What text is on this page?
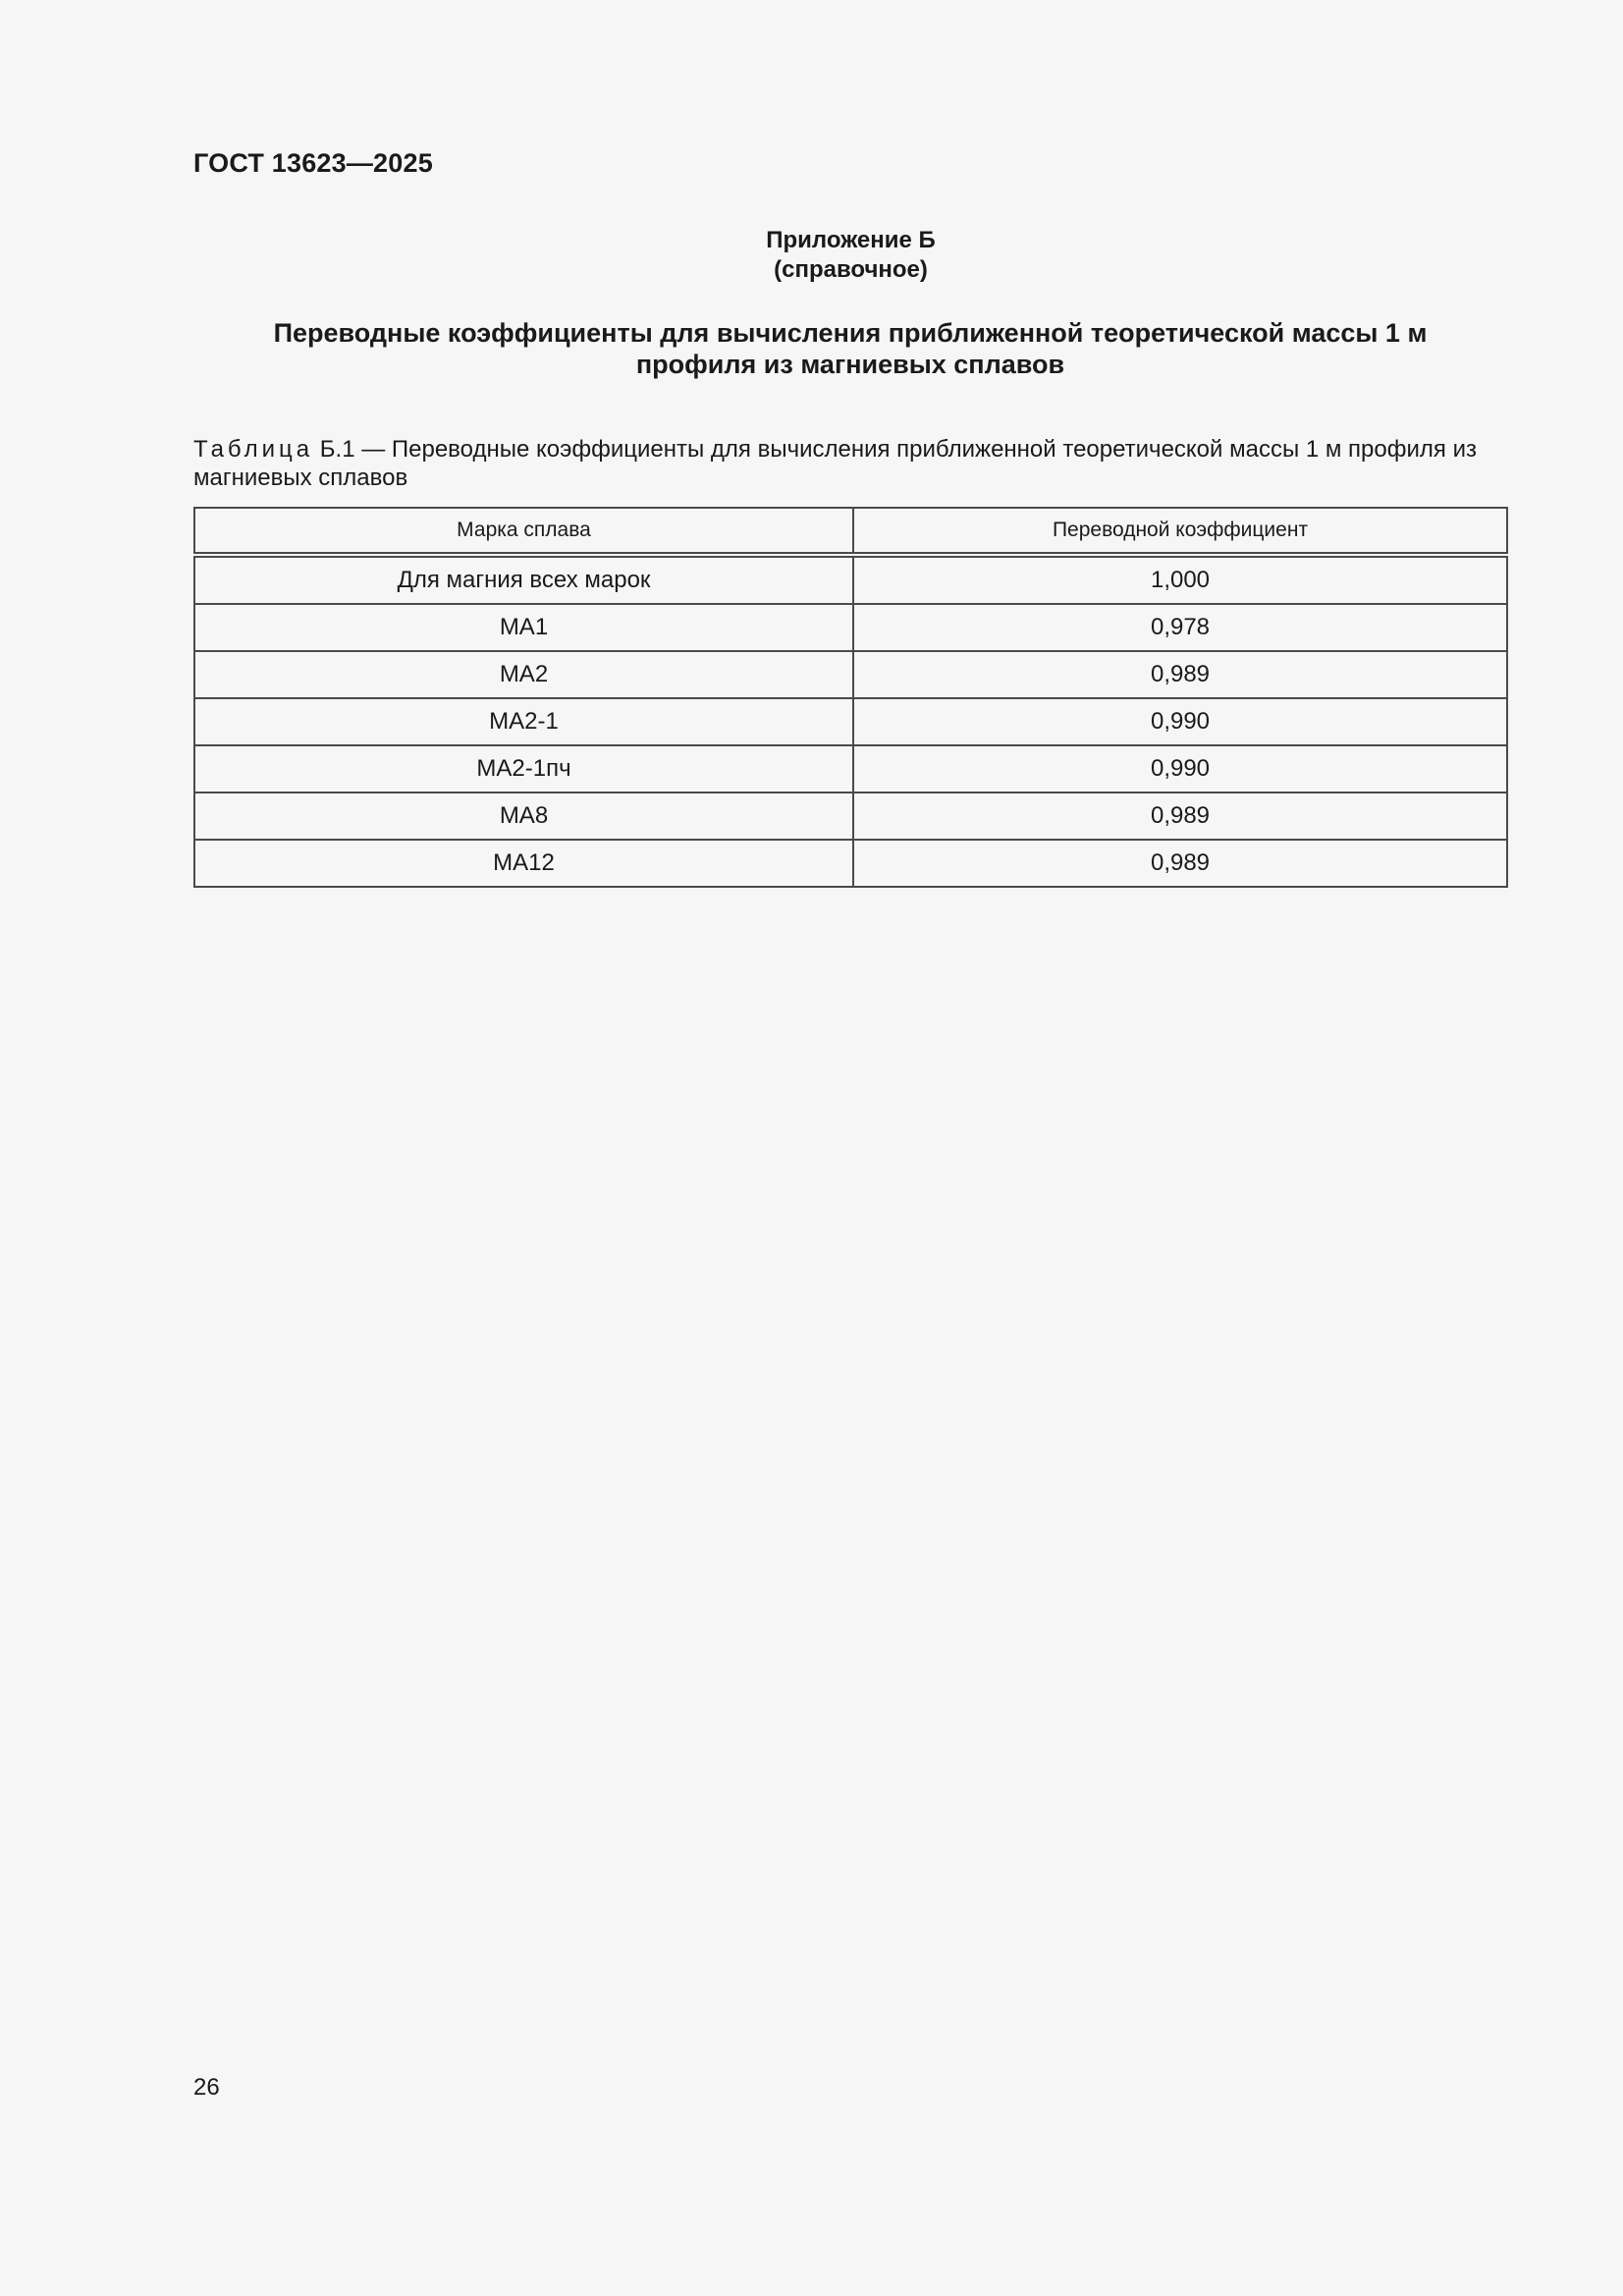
ГОСТ 13623—2025
Приложение Б
(справочное)
Переводные коэффициенты для вычисления приближенной теоретической массы 1 м
профиля из магниевых сплавов
Таблица Б.1 — Переводные коэффициенты для вычисления приближенной теоретической массы 1 м профиля из магниевых сплавов
Марка сплава	Переводной коэффициент
Для магния всех марок	1,000
МА1	0,978
МА2	0,989
МА2-1	0,990
МА2-1пч	0,990
МА8	0,989
МА12	0,989
26
